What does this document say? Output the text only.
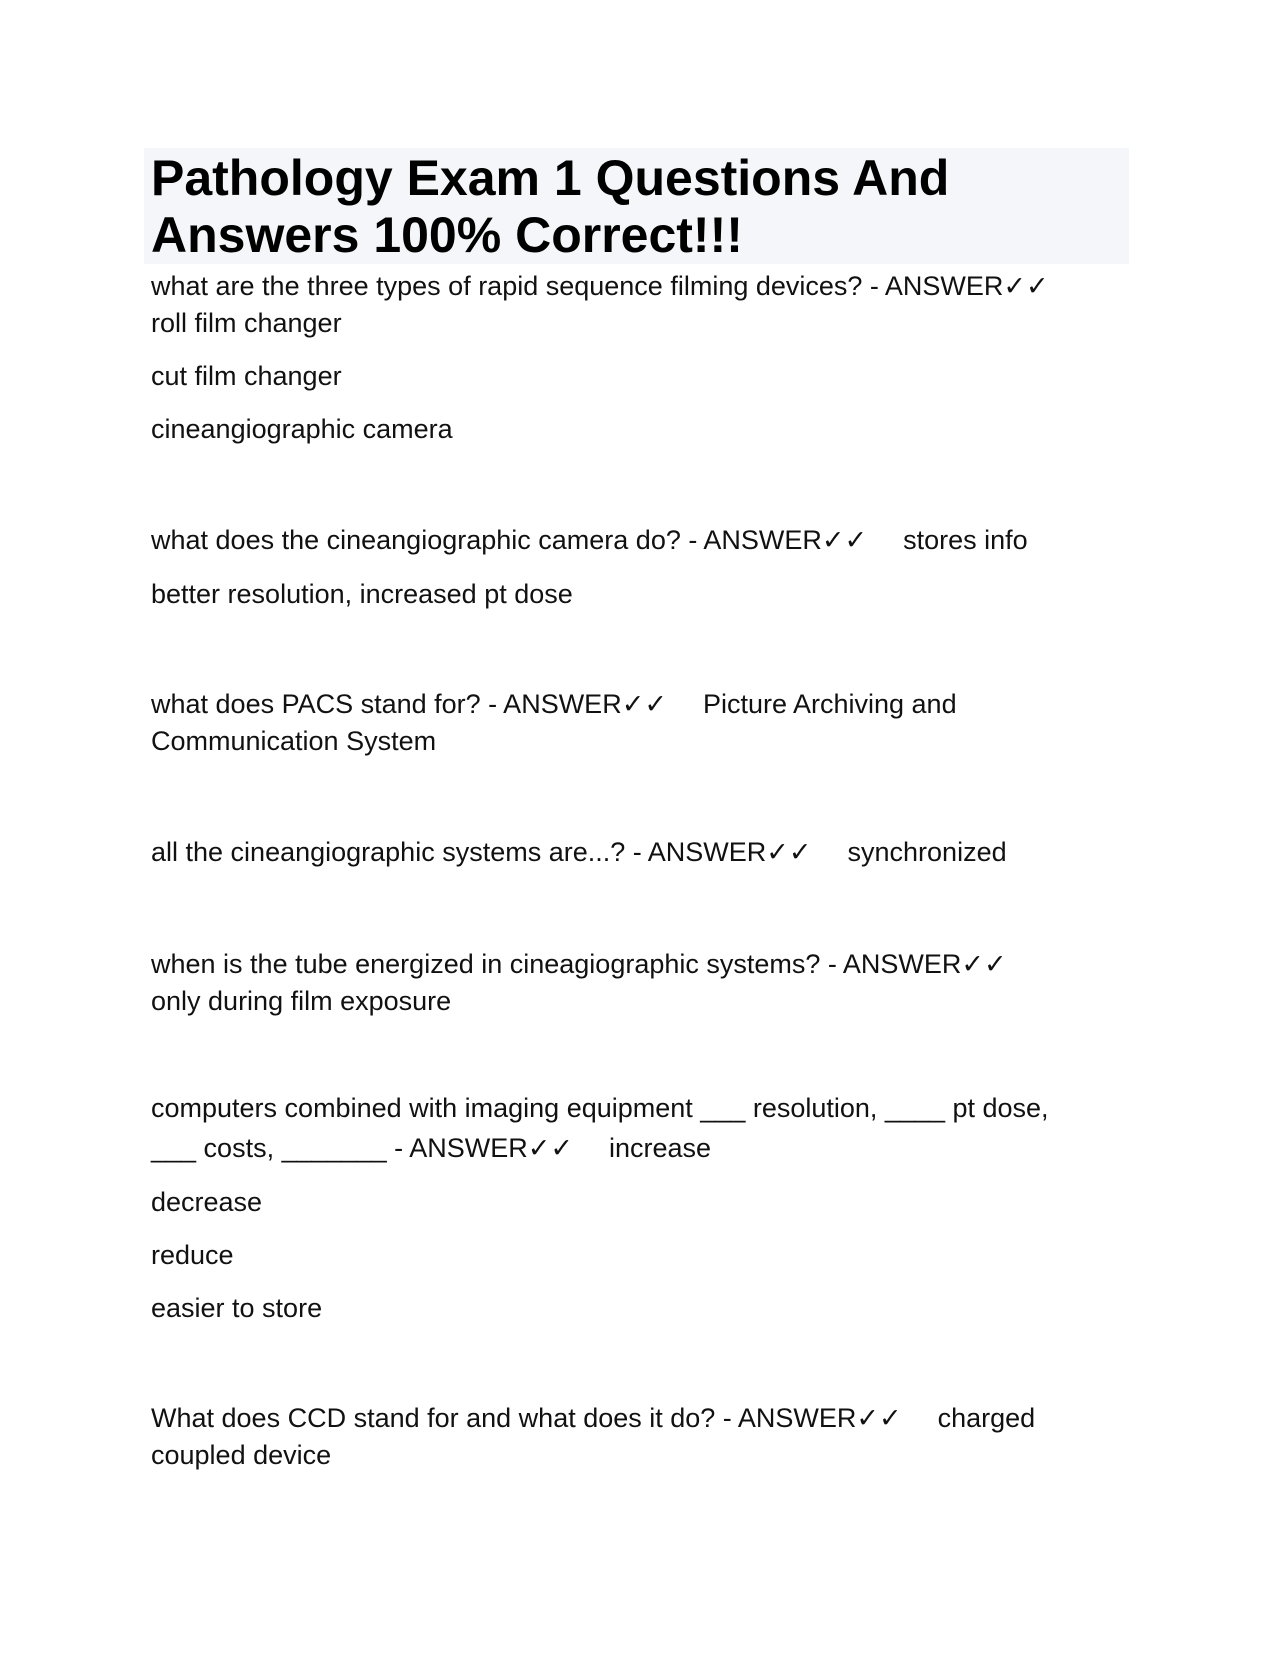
Pathology Exam 1 Questions And
Answers 100% Correct!!!

what are the three types of rapid sequence filming devices? - ANSWER✓✓

roll film changer

cut film changer

cineangiographic camera

what does the cineangiographic camera do? - ANSWER✓✓ stores info

better resolution, increased pt dose

what does PACS stand for? - ANSWER✓✓ Picture Archiving and

Communication System

all the cineangiographic systems are...? - ANSWER✓✓ synchronized

when is the tube energized in cineagiographic systems? - ANSWER✓✓

only during film exposure

computers combined with imaging equipment ___ resolution, ____ pt dose,

___ costs, _______ - ANSWER✓✓ increase

decrease

reduce

easier to store

What does CCD stand for and what does it do? - ANSWER✓✓ charged

coupled device
